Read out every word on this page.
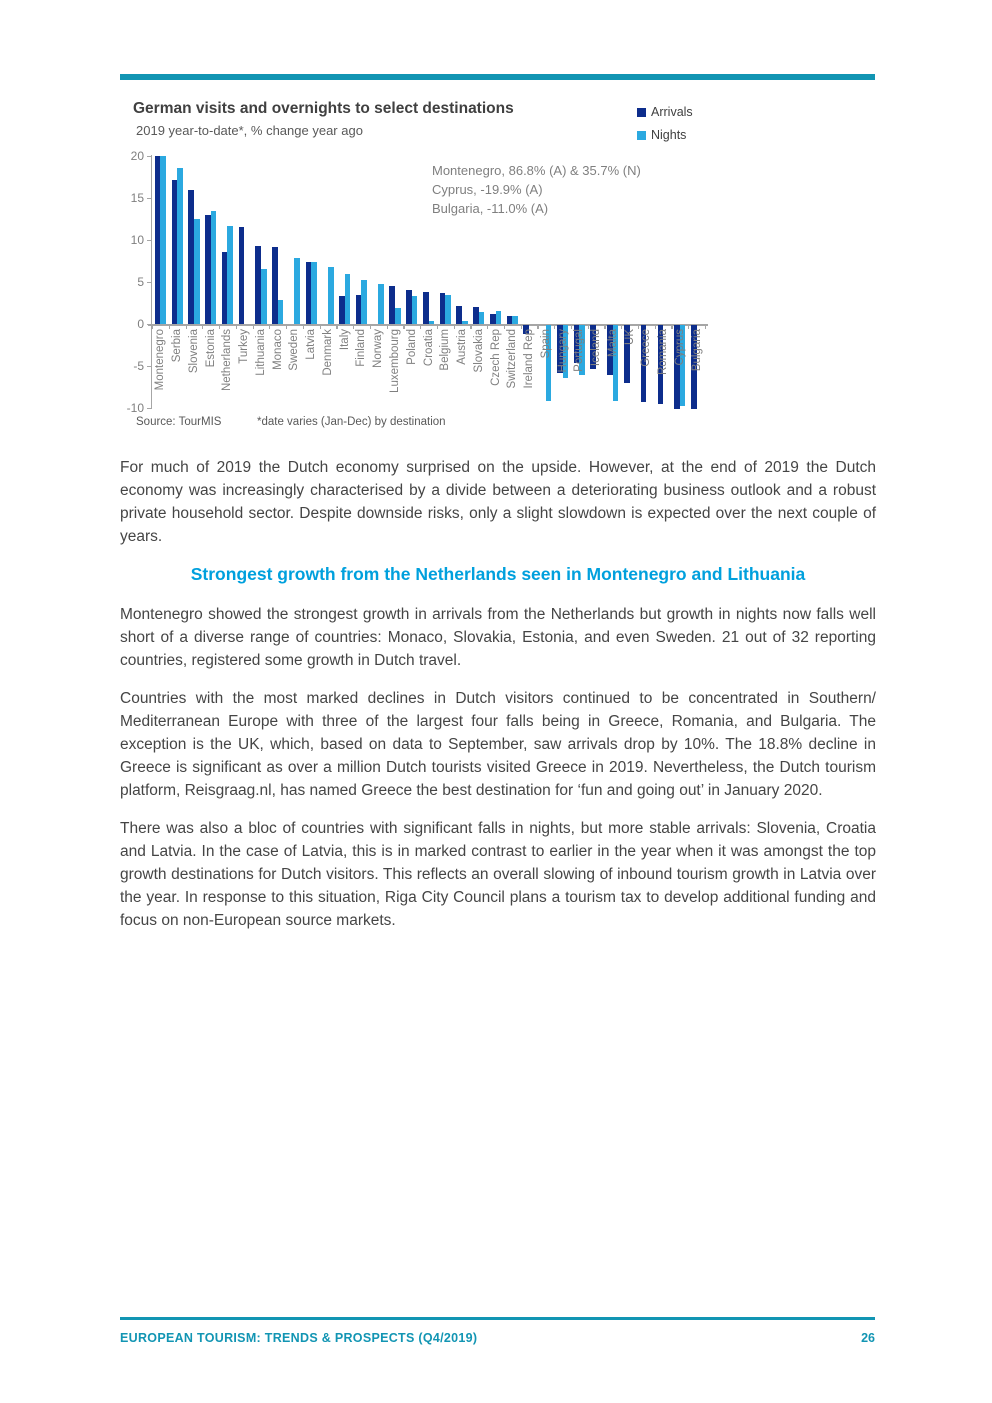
German visits and overnights to select destinations
2019 year-to-date*, % change year ago
Arrivals
Nights
20
15
10
5
0
-5
-10
Montenegro Serbia Slovenia Estonia Netherlands Turkey Lithuania Monaco Sweden Latvia Denmark Italy Finland Norway Luxembourg Poland Croatia Belgium Austria Slovakia Czech Rep Switzerland Ireland Rep Spain Hungary Portugal Iceland Malta UK Greece Romania Cyprus Bulgaria
Montenegro, 86.8% (A) & 35.7% (N)
Cyprus, -19.9% (A)
Bulgaria, -11.0% (A)
Source: TourMIS	*date varies (Jan-Dec) by destination

For much of 2019 the Dutch economy surprised on the upside. However, at the end of 2019 the Dutch economy was increasingly characterised by a divide between a deteriorating business outlook and a robust private household sector. Despite downside risks, only a slight slowdown is expected over the next couple of years.

Strongest growth from the Netherlands seen in Montenegro and Lithuania

Montenegro showed the strongest growth in arrivals from the Netherlands but growth in nights now falls well short of a diverse range of countries: Monaco, Slovakia, Estonia, and even Sweden. 21 out of 32 reporting countries, registered some growth in Dutch travel.

Countries with the most marked declines in Dutch visitors continued to be concentrated in Southern/ Mediterranean Europe with three of the largest four falls being in Greece, Romania, and Bulgaria. The exception is the UK, which, based on data to September, saw arrivals drop by 10%. The 18.8% decline in Greece is significant as over a million Dutch tourists visited Greece in 2019. Nevertheless, the Dutch tourism platform, Reisgraag.nl, has named Greece the best destination for ‘fun and going out’ in January 2020.

There was also a bloc of countries with significant falls in nights, but more stable arrivals: Slovenia, Croatia and Latvia. In the case of Latvia, this is in marked contrast to earlier in the year when it was amongst the top growth destinations for Dutch visitors. This reflects an overall slowing of inbound tourism growth in Latvia over the year. In response to this situation, Riga City Council plans a tourism tax to develop additional funding and focus on non-European source markets.

EUROPEAN TOURISM: TRENDS & PROSPECTS (Q4/2019)	26
